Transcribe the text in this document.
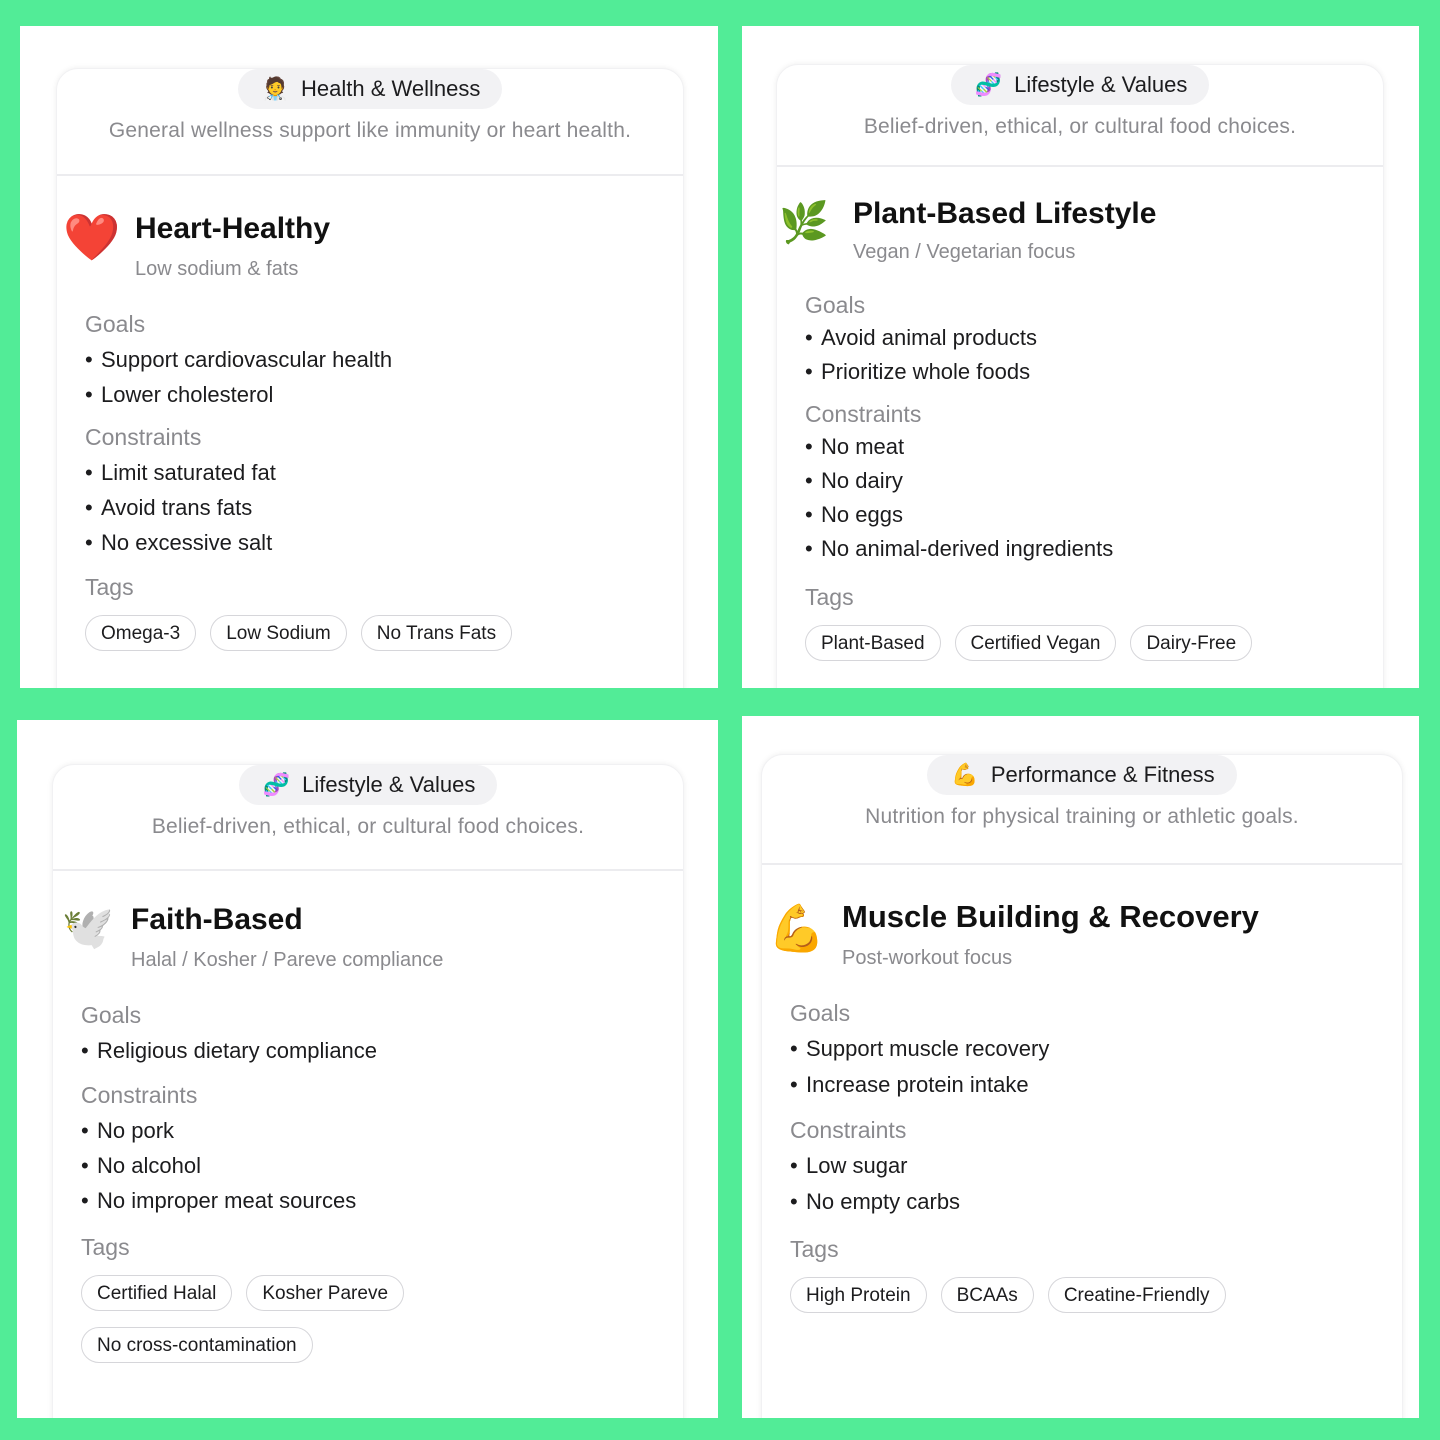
🧑‍⚕️ Health & Wellness
General wellness support like immunity or heart health.
❤️ Heart-Healthy
Low sodium & fats
Goals
• Support cardiovascular health
• Lower cholesterol
Constraints
• Limit saturated fat
• Avoid trans fats
• No excessive salt
Tags
Omega-3	Low Sodium	No Trans Fats
🧬 Lifestyle & Values
Belief-driven, ethical, or cultural food choices.
🌿 Plant-Based Lifestyle
Vegan / Vegetarian focus
Goals
• Avoid animal products
• Prioritize whole foods
Constraints
• No meat
• No dairy
• No eggs
• No animal-derived ingredients
Tags
Plant-Based	Certified Vegan	Dairy-Free
🧬 Lifestyle & Values
Belief-driven, ethical, or cultural food choices.
🕊️ Faith-Based
Halal / Kosher / Pareve compliance
Goals
• Religious dietary compliance
Constraints
• No pork
• No alcohol
• No improper meat sources
Tags
Certified Halal	Kosher Pareve
No cross-contamination
💪 Performance & Fitness
Nutrition for physical training or athletic goals.
💪 Muscle Building & Recovery
Post-workout focus
Goals
• Support muscle recovery
• Increase protein intake
Constraints
• Low sugar
• No empty carbs
Tags
High Protein	BCAAs	Creatine-Friendly
